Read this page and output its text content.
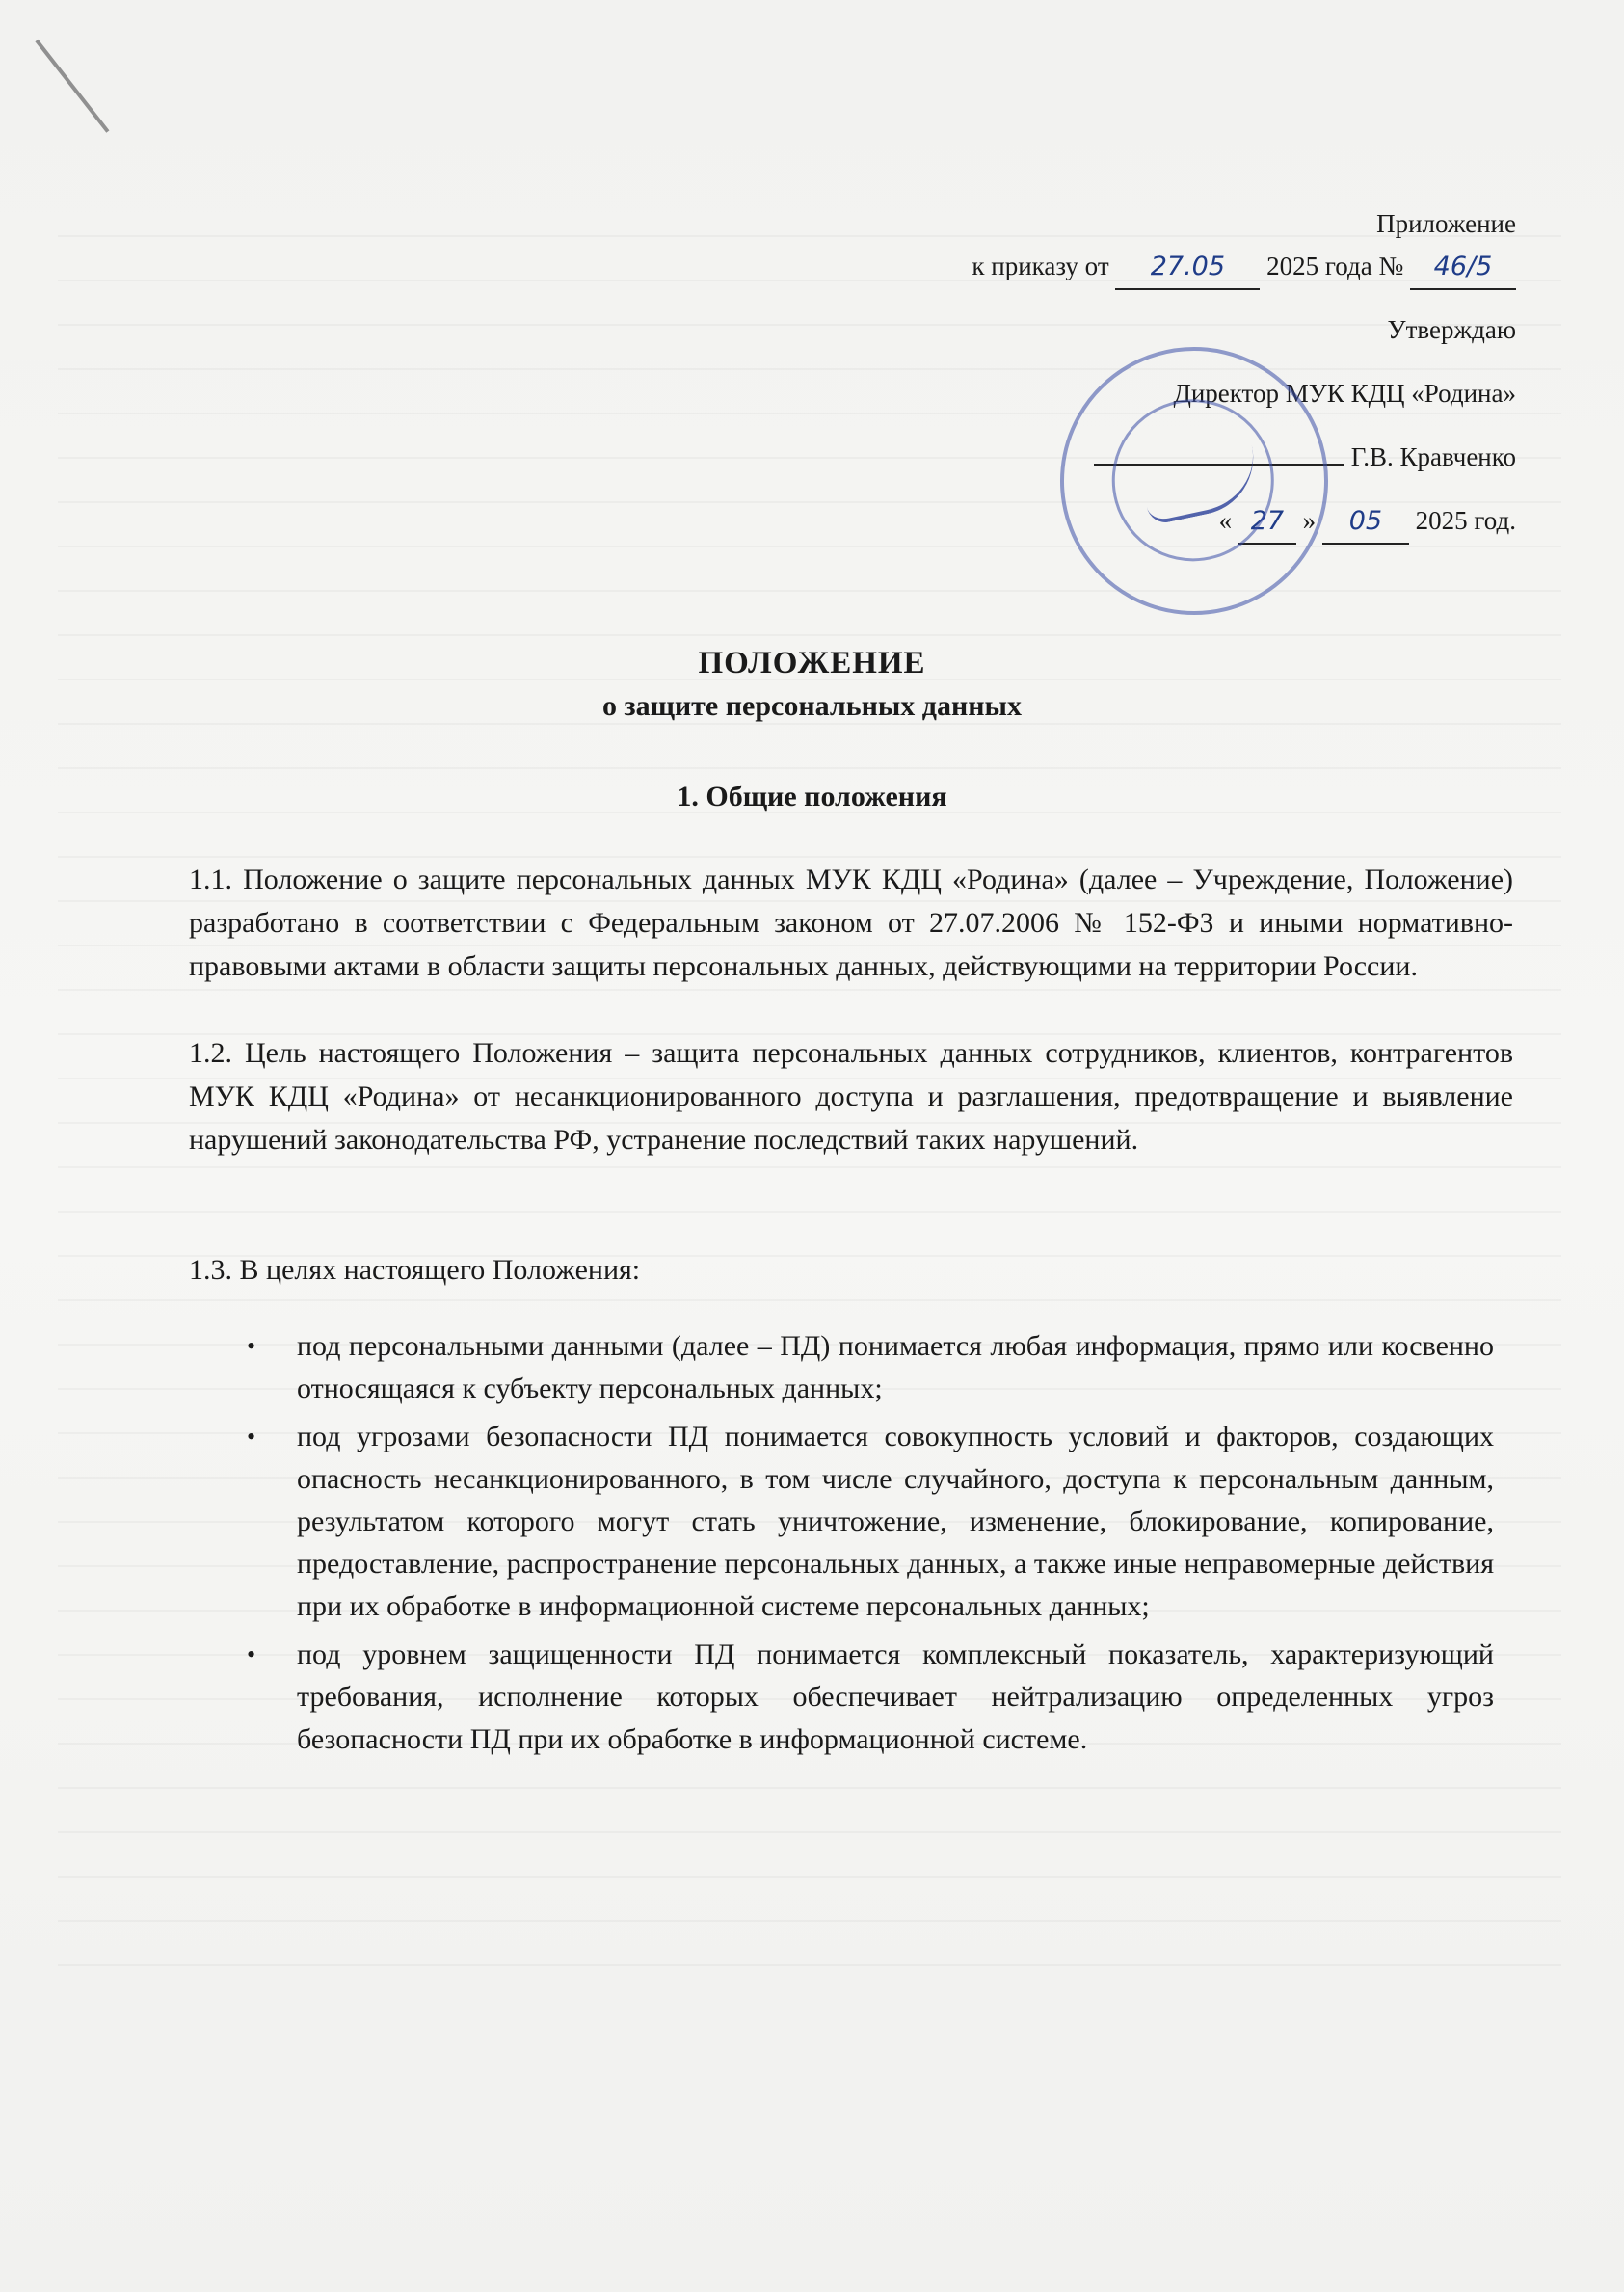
Приложение
к приказу от 27.05 2025 года № 46/5
Утверждаю
Директор МУК КДЦ «Родина»
Г.В. Кравченко
« 27 » 05 2025 год.
ПОЛОЖЕНИЕ
о защите персональных данных
1. Общие положения
1.1. Положение о защите персональных данных МУК КДЦ «Родина» (далее – Учреждение, Положение) разработано в соответствии с Федеральным законом от 27.07.2006 № 152-ФЗ и иными нормативно-правовыми актами в области защиты персональных данных, действующими на территории России.
1.2. Цель настоящего Положения – защита персональных данных сотрудников, клиентов, контрагентов МУК КДЦ «Родина» от несанкционированного доступа и разглашения, предотвращение и выявление нарушений законодательства РФ, устранение последствий таких нарушений.
1.3. В целях настоящего Положения:
• под персональными данными (далее – ПД) понимается любая информация, прямо или косвенно относящаяся к субъекту персональных данных;
• под угрозами безопасности ПД понимается совокупность условий и факторов, создающих опасность несанкционированного, в том числе случайного, доступа к персональным данным, результатом которого могут стать уничтожение, изменение, блокирование, копирование, предоставление, распространение персональных данных, а также иные неправомерные действия при их обработке в информационной системе персональных данных;
• под уровнем защищенности ПД понимается комплексный показатель, характеризующий требования, исполнение которых обеспечивает нейтрализацию определенных угроз безопасности ПД при их обработке в информационной системе.
